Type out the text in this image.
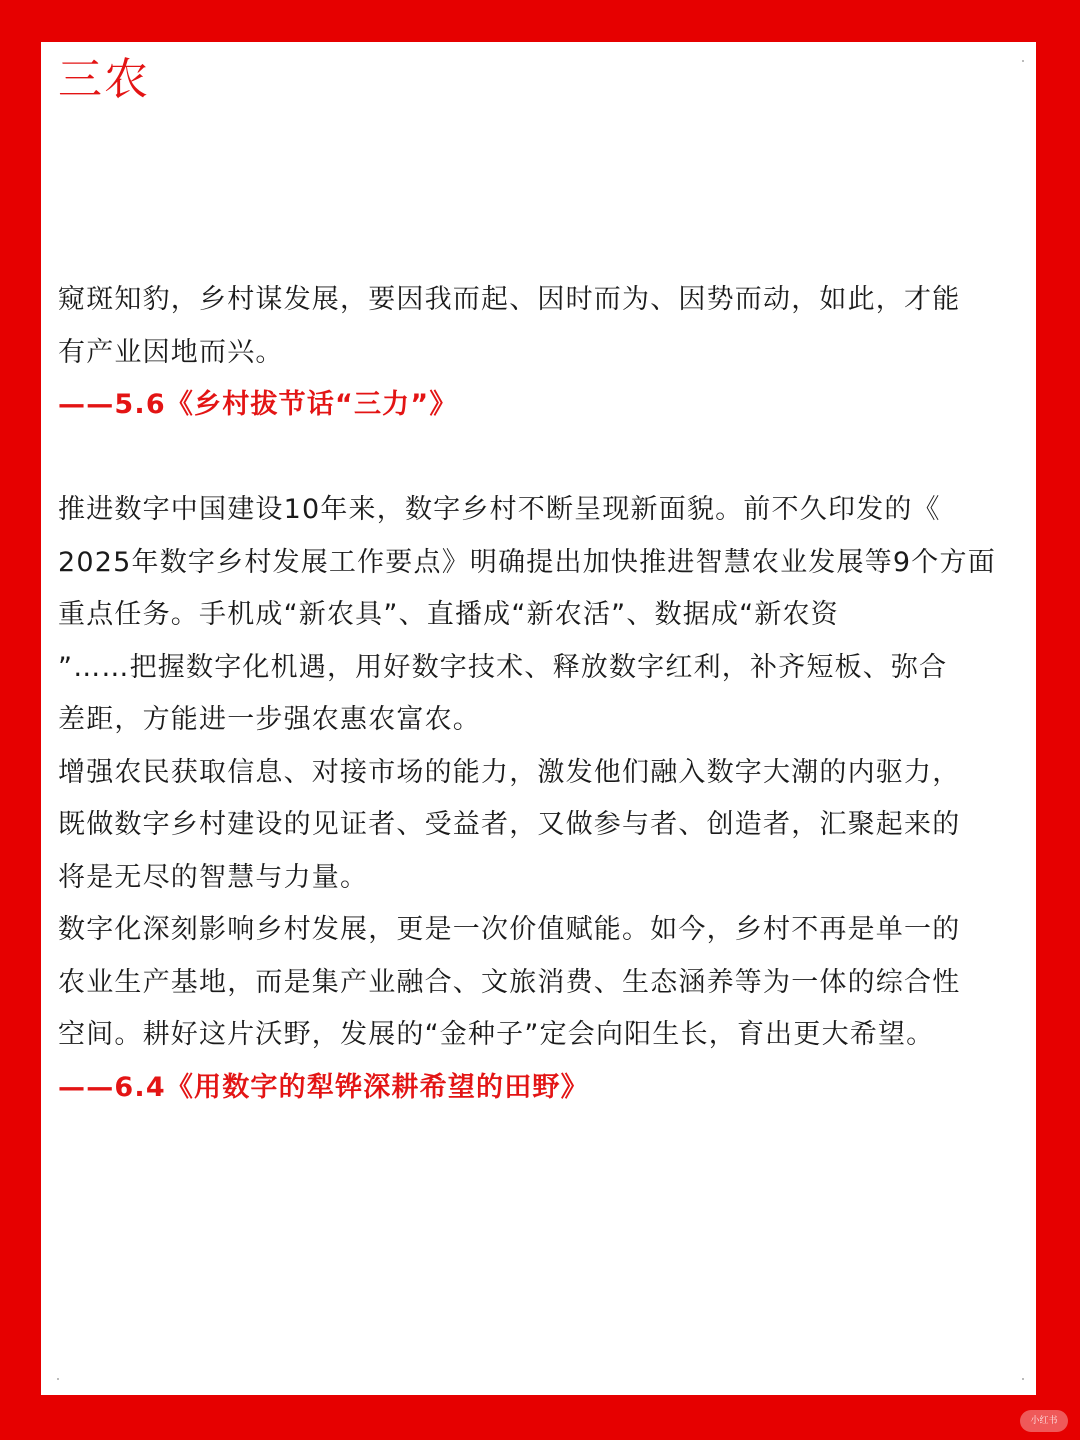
三农

窥斑知豹，乡村谋发展，要因我而起、因时而为、因势而动，如此，才能

有产业因地而兴。

——5.6《乡村拔节话“三力”》

推进数字中国建设10年来，数字乡村不断呈现新面貌。前不久印发的《

2025年数字乡村发展工作要点》明确提出加快推进智慧农业发展等9个方面

重点任务。手机成“新农具”、直播成“新农活”、数据成“新农资

”……把握数字化机遇，用好数字技术、释放数字红利，补齐短板、弥合

差距，方能进一步强农惠农富农。

增强农民获取信息、对接市场的能力，激发他们融入数字大潮的内驱力，

既做数字乡村建设的见证者、受益者，又做参与者、创造者，汇聚起来的

将是无尽的智慧与力量。

数字化深刻影响乡村发展，更是一次价值赋能。如今，乡村不再是单一的

农业生产基地，而是集产业融合、文旅消费、生态涵养等为一体的综合性

空间。耕好这片沃野，发展的“金种子”定会向阳生长，育出更大希望。

——6.4《用数字的犁铧深耕希望的田野》

小红书
